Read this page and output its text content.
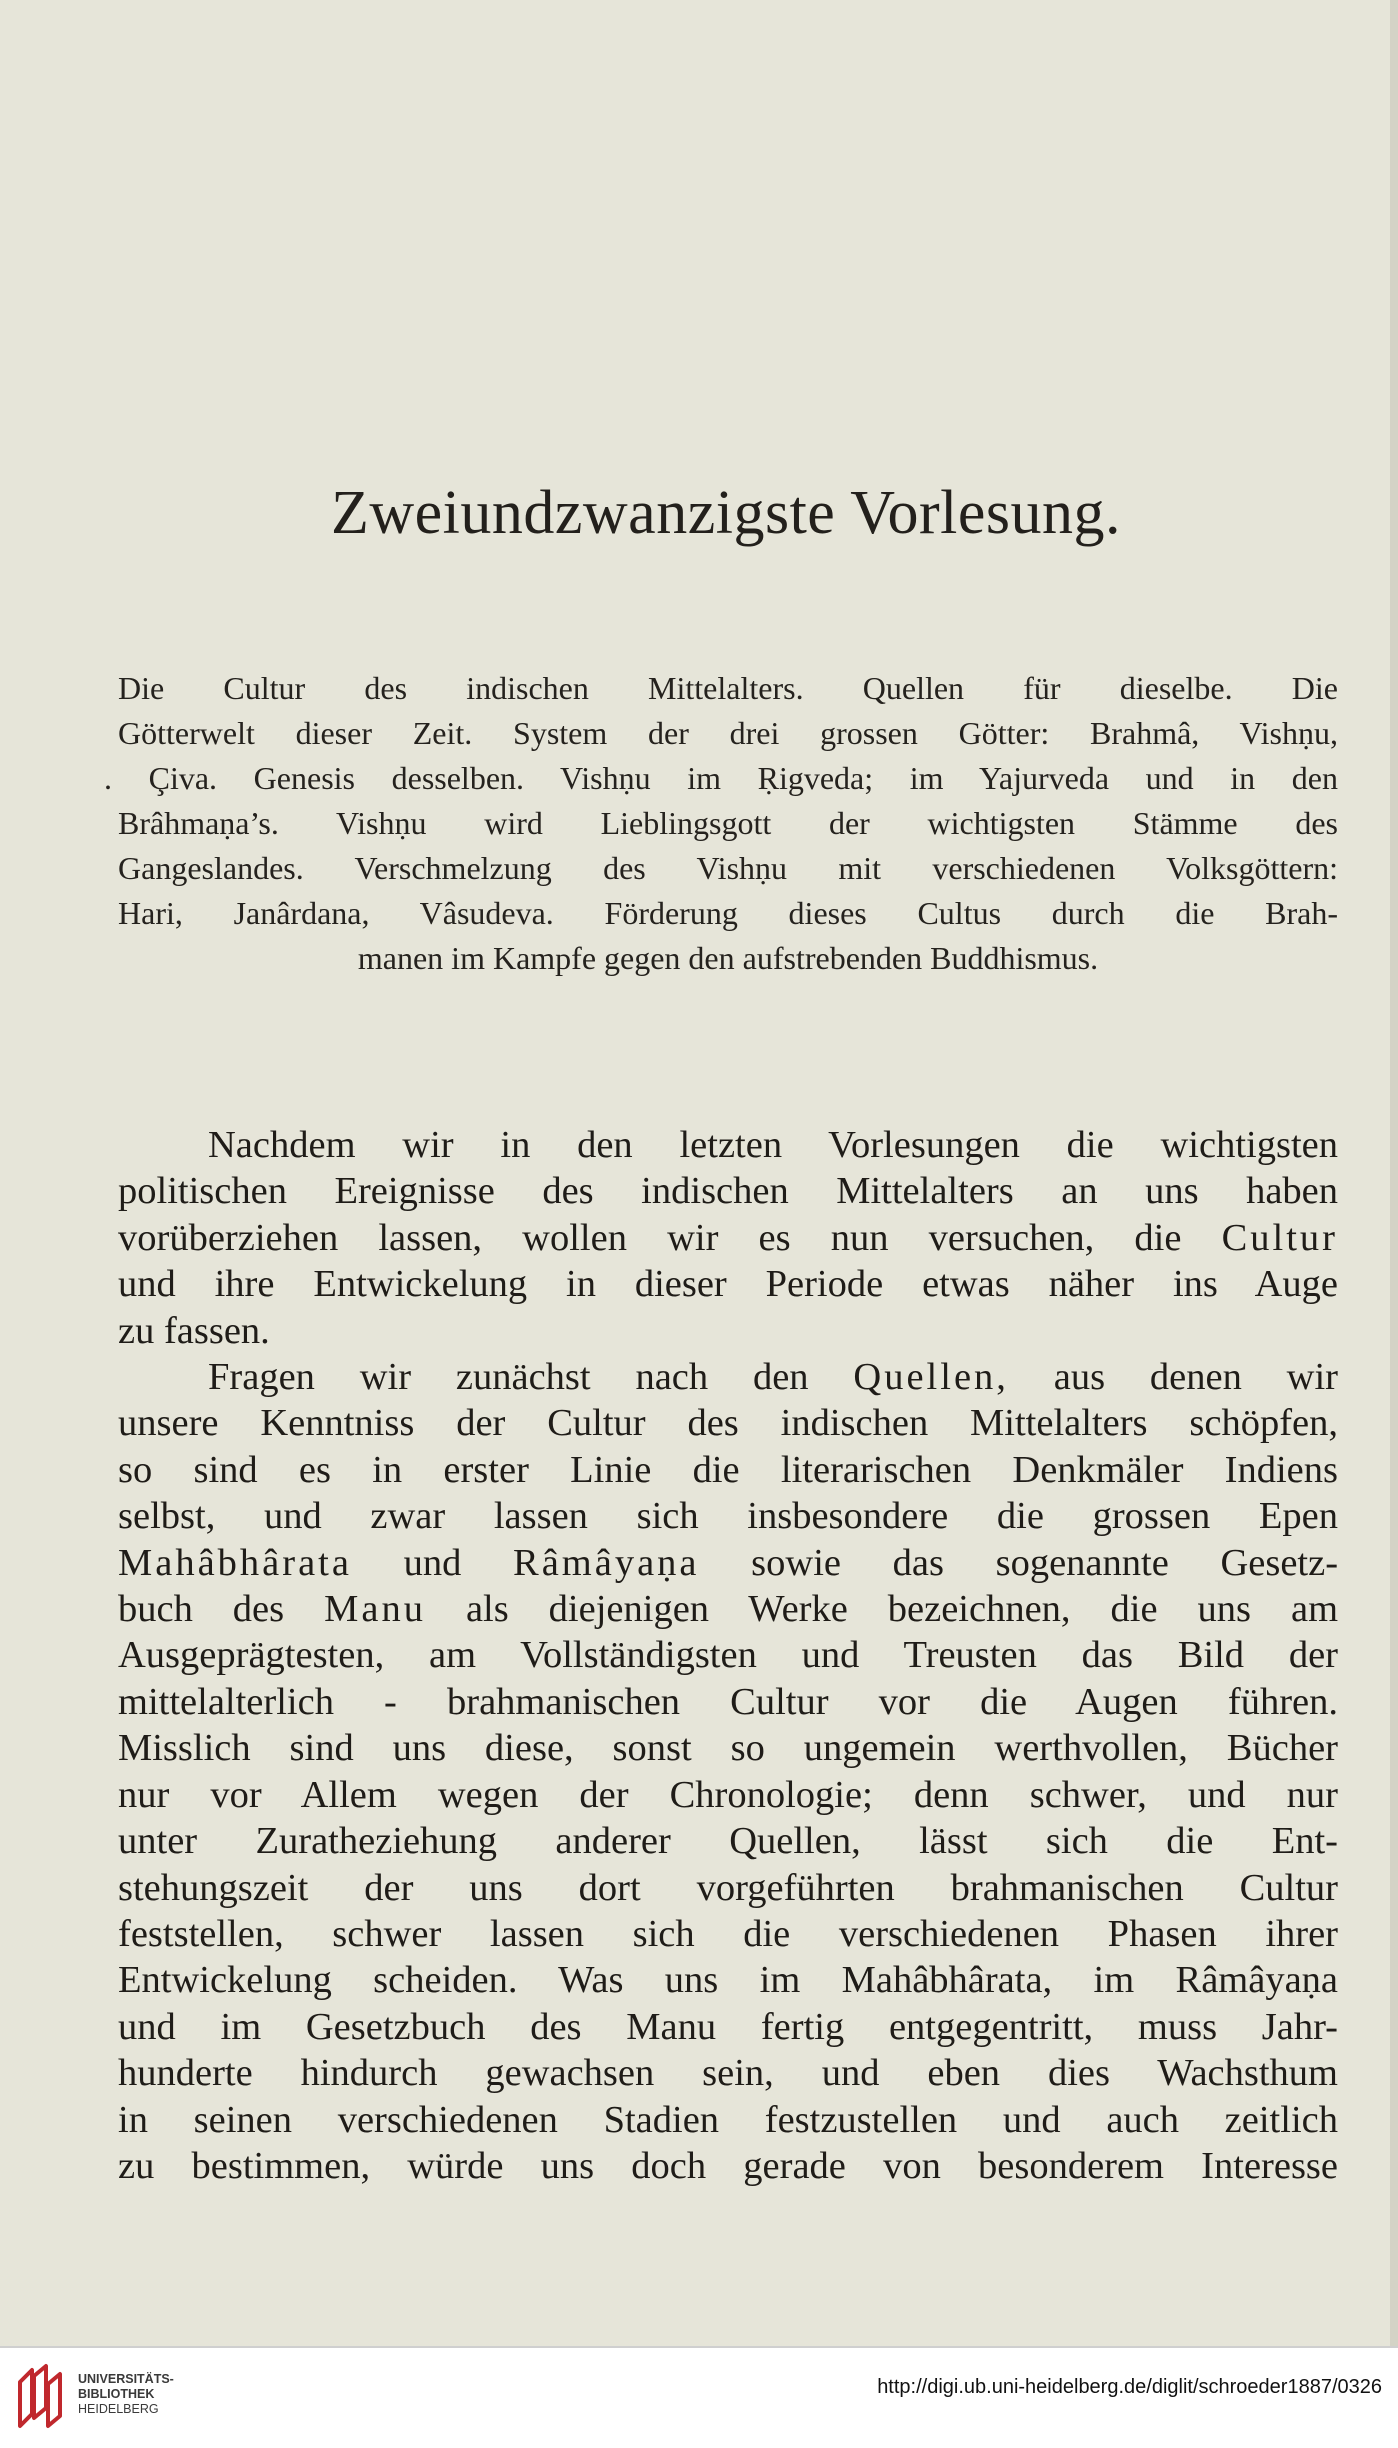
Zweiundzwanzigste Vorlesung.
Die Cultur des indischen Mittelalters. Quellen für dieselbe. Die
Götterwelt dieser Zeit. System der drei grossen Götter: Brahmâ, Vishṇu,
. Çiva. Genesis desselben. Vishṇu im Ṛigveda; im Yajurveda und in den
Brâhmaṇa’s. Vishṇu wird Lieblingsgott der wichtigsten Stämme des
Gangeslandes. Verschmelzung des Vishṇu mit verschiedenen Volksgöttern:
Hari, Janârdana, Vâsudeva. Förderung dieses Cultus durch die Brah-
manen im Kampfe gegen den aufstrebenden Buddhismus.
Nachdem wir in den letzten Vorlesungen die wichtigsten
politischen Ereignisse des indischen Mittelalters an uns haben
vorüberziehen lassen, wollen wir es nun versuchen, die Cultur
und ihre Entwickelung in dieser Periode etwas näher ins Auge
zu fassen.
Fragen wir zunächst nach den Quellen, aus denen wir
unsere Kenntniss der Cultur des indischen Mittelalters schöpfen,
so sind es in erster Linie die literarischen Denkmäler Indiens
selbst, und zwar lassen sich insbesondere die grossen Epen
Mahâbhârata und Râmâyaṇa sowie das sogenannte Gesetz-
buch des Manu als diejenigen Werke bezeichnen, die uns am
Ausgeprägtesten, am Vollständigsten und Treusten das Bild der
mittelalterlich - brahmanischen Cultur vor die Augen führen.
Misslich sind uns diese, sonst so ungemein werthvollen, Bücher
nur vor Allem wegen der Chronologie; denn schwer, und nur
unter Zuratheziehung anderer Quellen, lässt sich die Ent-
stehungszeit der uns dort vorgeführten brahmanischen Cultur
feststellen, schwer lassen sich die verschiedenen Phasen ihrer
Entwickelung scheiden. Was uns im Mahâbhârata, im Râmâyaṇa
und im Gesetzbuch des Manu fertig entgegentritt, muss Jahr-
hunderte hindurch gewachsen sein, und eben dies Wachsthum
in seinen verschiedenen Stadien festzustellen und auch zeitlich
zu bestimmen, würde uns doch gerade von besonderem Interesse
UNIVERSITÄTS-
BIBLIOTHEK
HEIDELBERG
http://digi.ub.uni-heidelberg.de/diglit/schroeder1887/0326
